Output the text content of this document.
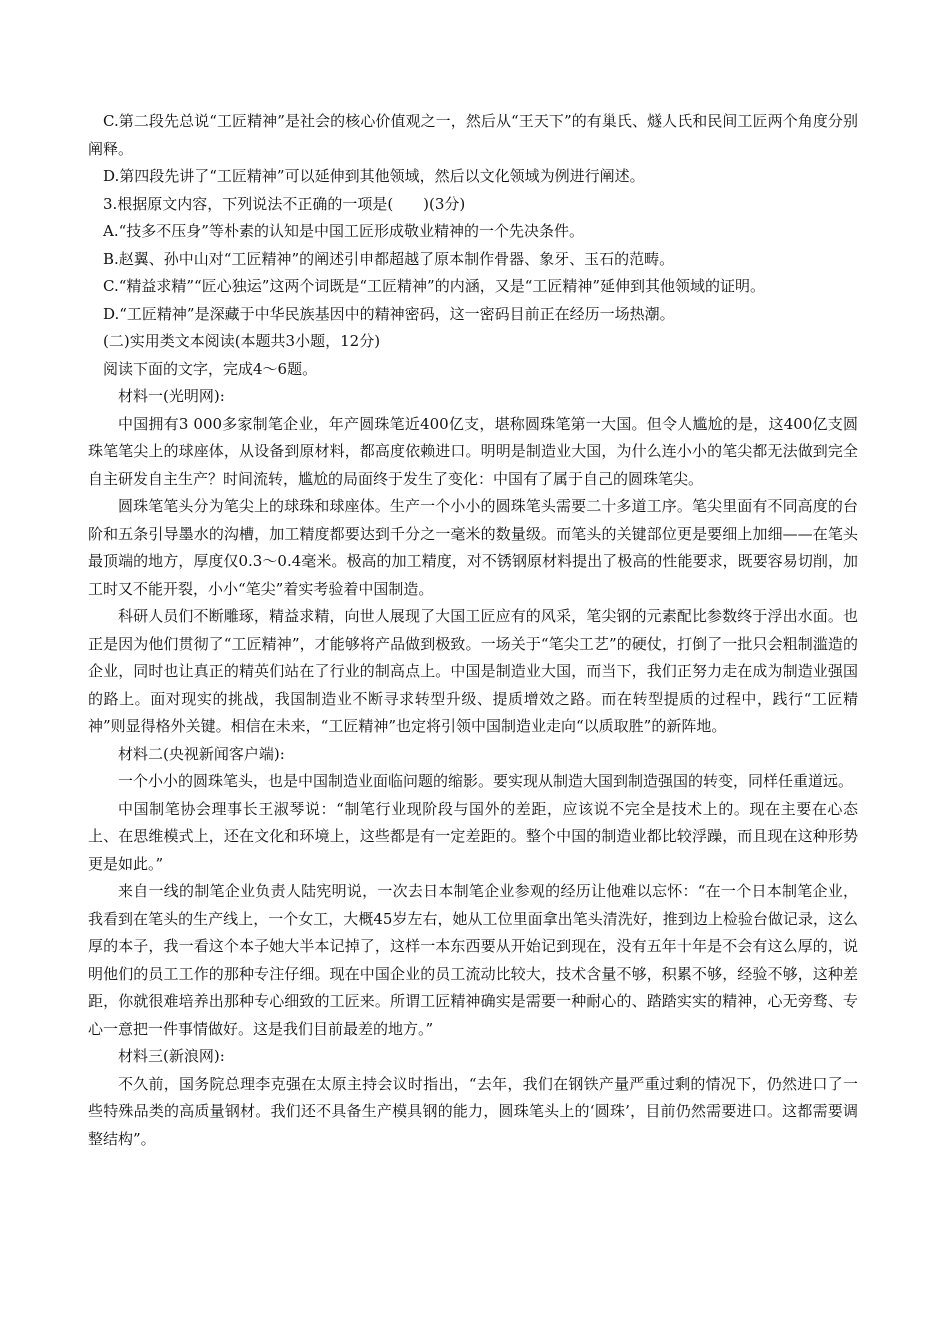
C.第二段先总说“工匠精神”是社会的核心价值观之一，然后从“王天下”的有巢氏、燧人氏和民间工匠两个角度分别阐释。

D.第四段先讲了“工匠精神”可以延伸到其他领域，然后以文化领域为例进行阐述。

3.根据原文内容，下列说法不正确的一项是(　　)(3分)

A.“技多不压身”等朴素的认知是中国工匠形成敬业精神的一个先决条件。

B.赵翼、孙中山对“工匠精神”的阐述引申都超越了原本制作骨器、象牙、玉石的范畴。

C.“精益求精”“匠心独运”这两个词既是“工匠精神”的内涵，又是“工匠精神”延伸到其他领域的证明。

D.“工匠精神”是深藏于中华民族基因中的精神密码，这一密码目前正在经历一场热潮。

(二)实用类文本阅读(本题共3小题，12分)

阅读下面的文字，完成4～6题。

材料一(光明网):

中国拥有3 000多家制笔企业，年产圆珠笔近400亿支，堪称圆珠笔第一大国。但令人尴尬的是，这400亿支圆珠笔笔尖上的球座体，从设备到原材料，都高度依赖进口。明明是制造业大国，为什么连小小的笔尖都无法做到完全自主研发自主生产？时间流转，尴尬的局面终于发生了变化：中国有了属于自己的圆珠笔尖。

圆珠笔笔头分为笔尖上的球珠和球座体。生产一个小小的圆珠笔头需要二十多道工序。笔尖里面有不同高度的台阶和五条引导墨水的沟槽，加工精度都要达到千分之一毫米的数量级。而笔头的关键部位更是要细上加细——在笔头最顶端的地方，厚度仅0.3～0.4毫米。极高的加工精度，对不锈钢原材料提出了极高的性能要求，既要容易切削，加工时又不能开裂，小小“笔尖”着实考验着中国制造。

科研人员们不断雕琢，精益求精，向世人展现了大国工匠应有的风采，笔尖钢的元素配比参数终于浮出水面。也正是因为他们贯彻了“工匠精神”，才能够将产品做到极致。一场关于“笔尖工艺”的硬仗，打倒了一批只会粗制滥造的企业，同时也让真正的精英们站在了行业的制高点上。中国是制造业大国，而当下，我们正努力走在成为制造业强国的路上。面对现实的挑战，我国制造业不断寻求转型升级、提质增效之路。而在转型提质的过程中，践行“工匠精神”则显得格外关键。相信在未来，“工匠精神”也定将引领中国制造业走向“以质取胜”的新阵地。

材料二(央视新闻客户端):

一个小小的圆珠笔头，也是中国制造业面临问题的缩影。要实现从制造大国到制造强国的转变，同样任重道远。

中国制笔协会理事长王淑琴说：“制笔行业现阶段与国外的差距，应该说不完全是技术上的。现在主要在心态上、在思维模式上，还在文化和环境上，这些都是有一定差距的。整个中国的制造业都比较浮躁，而且现在这种形势更是如此。”

来自一线的制笔企业负责人陆宪明说，一次去日本制笔企业参观的经历让他难以忘怀：“在一个日本制笔企业，我看到在笔头的生产线上，一个女工，大概45岁左右，她从工位里面拿出笔头清洗好，推到边上检验台做记录，这么厚的本子，我一看这个本子她大半本记掉了，这样一本东西要从开始记到现在，没有五年十年是不会有这么厚的，说明他们的员工工作的那种专注仔细。现在中国企业的员工流动比较大，技术含量不够，积累不够，经验不够，这种差距，你就很难培养出那种专心细致的工匠来。所谓工匠精神确实是需要一种耐心的、踏踏实实的精神，心无旁骛、专心一意把一件事情做好。这是我们目前最差的地方。”

材料三(新浪网):

不久前，国务院总理李克强在太原主持会议时指出，“去年，我们在钢铁产量严重过剩的情况下，仍然进口了一些特殊品类的高质量钢材。我们还不具备生产模具钢的能力，圆珠笔头上的‘圆珠’，目前仍然需要进口。这都需要调整结构”。
